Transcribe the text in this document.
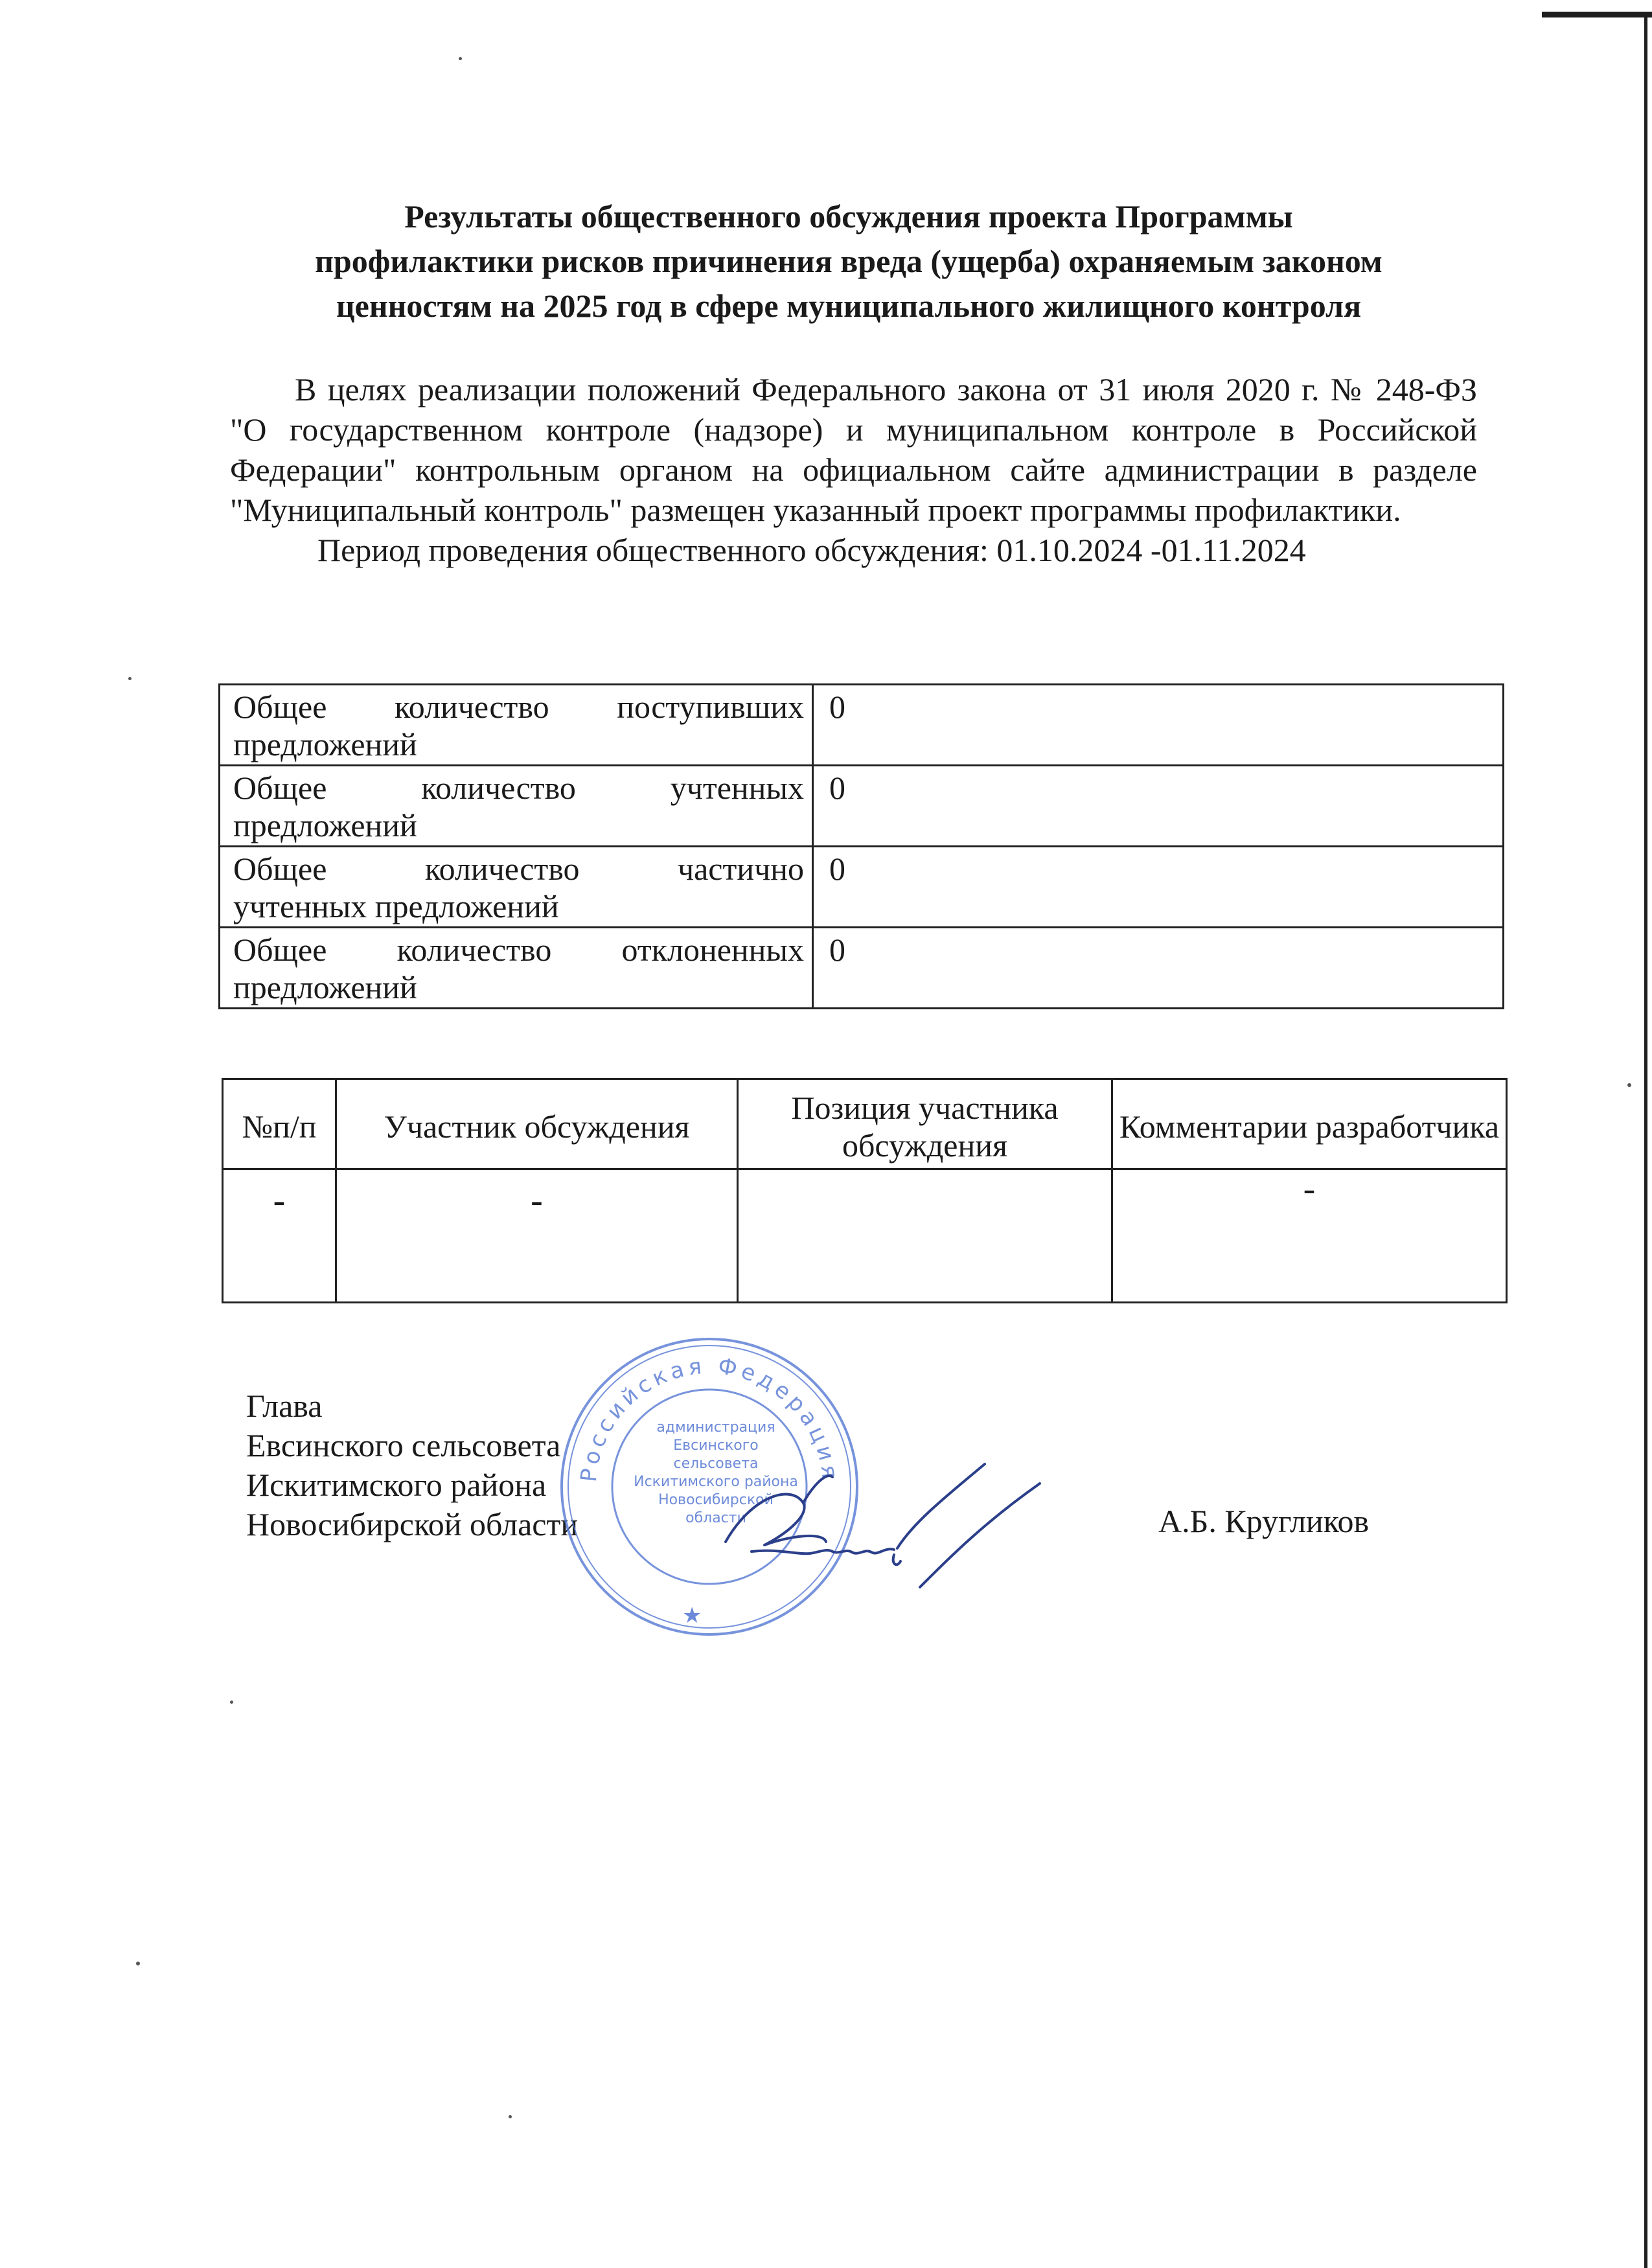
Результаты общественного обсуждения проекта Программы
профилактики рисков причинения вреда (ущерба) охраняемым законом
ценностям на 2025 год в сфере муниципального жилищного контроля
В целях реализации положений Федерального закона от 31 июля 2020 г. № 248-ФЗ "О государственном контроле (надзоре) и муниципальном контроле в Российской Федерации" контрольным органом на официальном сайте администрации в разделе "Муниципальный контроль" размещен указанный проект программы профилактики.
Период проведения общественного обсуждения: 01.10.2024 -01.11.2024
Общее количество поступивших
предложений	0
Общее количество учтенных
предложений	0
Общее количество частично
учтенных предложений	0
Общее количество отклоненных
предложений	0
№п/п	Участник обсуждения	Позиция участника обсуждения	Комментарии разработчика
-	-		-
Глава
Евсинского сельсовета
Искитимского района
Новосибирской области	А.Б. Кругликов
Российская Федерация
администрация
Евсинского
сельсовета
Искитимского района
Новосибирской
области
★
